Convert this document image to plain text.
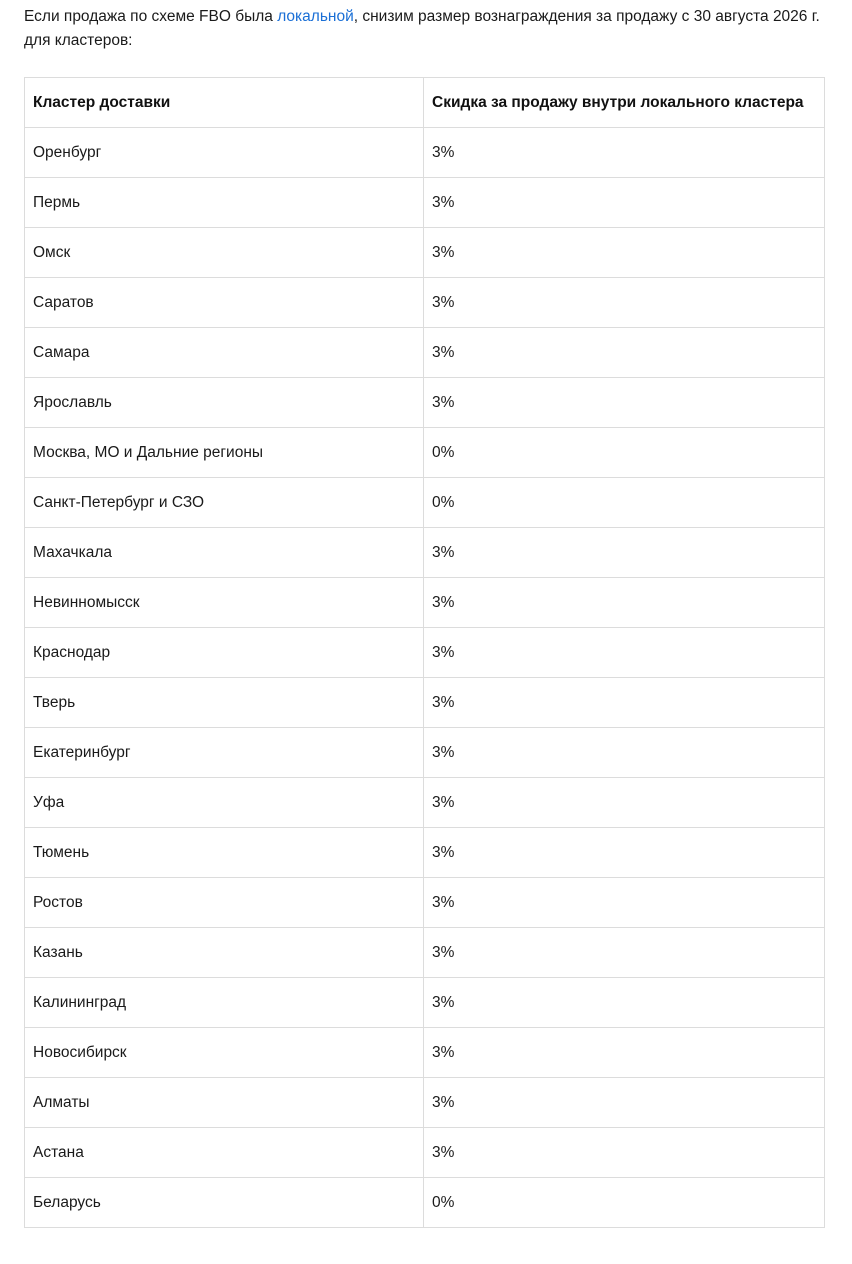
Если продажа по схеме FBO была локальной, снизим размер вознаграждения за продажу с 30 августа 2026 г. для кластеров:

Кластер доставки	Скидка за продажу внутри локального кластера
Оренбург	3%
Пермь	3%
Омск	3%
Саратов	3%
Самара	3%
Ярославль	3%
Москва, МО и Дальние регионы	0%
Санкт-Петербург и СЗО	0%
Махачкала	3%
Невинномысск	3%
Краснодар	3%
Тверь	3%
Екатеринбург	3%
Уфа	3%
Тюмень	3%
Ростов	3%
Казань	3%
Калининград	3%
Новосибирск	3%
Алматы	3%
Астана	3%
Беларусь	0%
